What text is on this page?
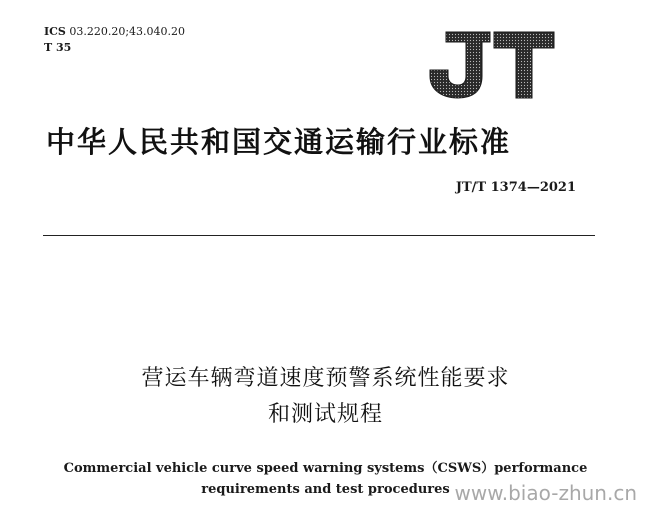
ICS 03.220.20;43.040.20
T 35
中华人民共和国交通运输行业标准
JT/T 1374—2021
营运车辆弯道速度预警系统性能要求
和测试规程
Commercial vehicle curve speed warning systems（CSWS）performance
requirements and test procedures www.biao-zhun.cn
